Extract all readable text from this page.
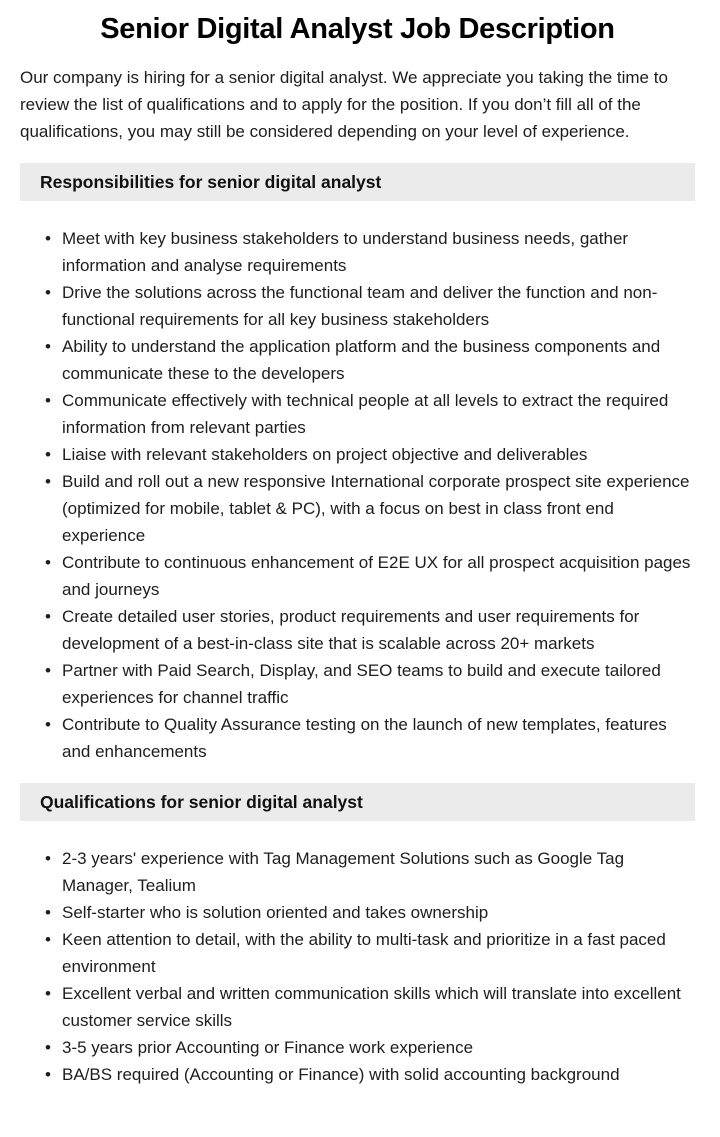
Senior Digital Analyst Job Description

Our company is hiring for a senior digital analyst. We appreciate you taking the time to review the list of qualifications and to apply for the position. If you don’t fill all of the qualifications, you may still be considered depending on your level of experience.

Responsibilities for senior digital analyst
• Meet with key business stakeholders to understand business needs, gather information and analyse requirements
• Drive the solutions across the functional team and deliver the function and non-functional requirements for all key business stakeholders
• Ability to understand the application platform and the business components and communicate these to the developers
• Communicate effectively with technical people at all levels to extract the required information from relevant parties
• Liaise with relevant stakeholders on project objective and deliverables
• Build and roll out a new responsive International corporate prospect site experience (optimized for mobile, tablet & PC), with a focus on best in class front end experience
• Contribute to continuous enhancement of E2E UX for all prospect acquisition pages and journeys
• Create detailed user stories, product requirements and user requirements for development of a best-in-class site that is scalable across 20+ markets
• Partner with Paid Search, Display, and SEO teams to build and execute tailored experiences for channel traffic
• Contribute to Quality Assurance testing on the launch of new templates, features and enhancements
Qualifications for senior digital analyst
• 2-3 years' experience with Tag Management Solutions such as Google Tag Manager, Tealium
• Self-starter who is solution oriented and takes ownership
• Keen attention to detail, with the ability to multi-task and prioritize in a fast paced environment
• Excellent verbal and written communication skills which will translate into excellent customer service skills
• 3-5 years prior Accounting or Finance work experience
• BA/BS required (Accounting or Finance) with solid accounting background
